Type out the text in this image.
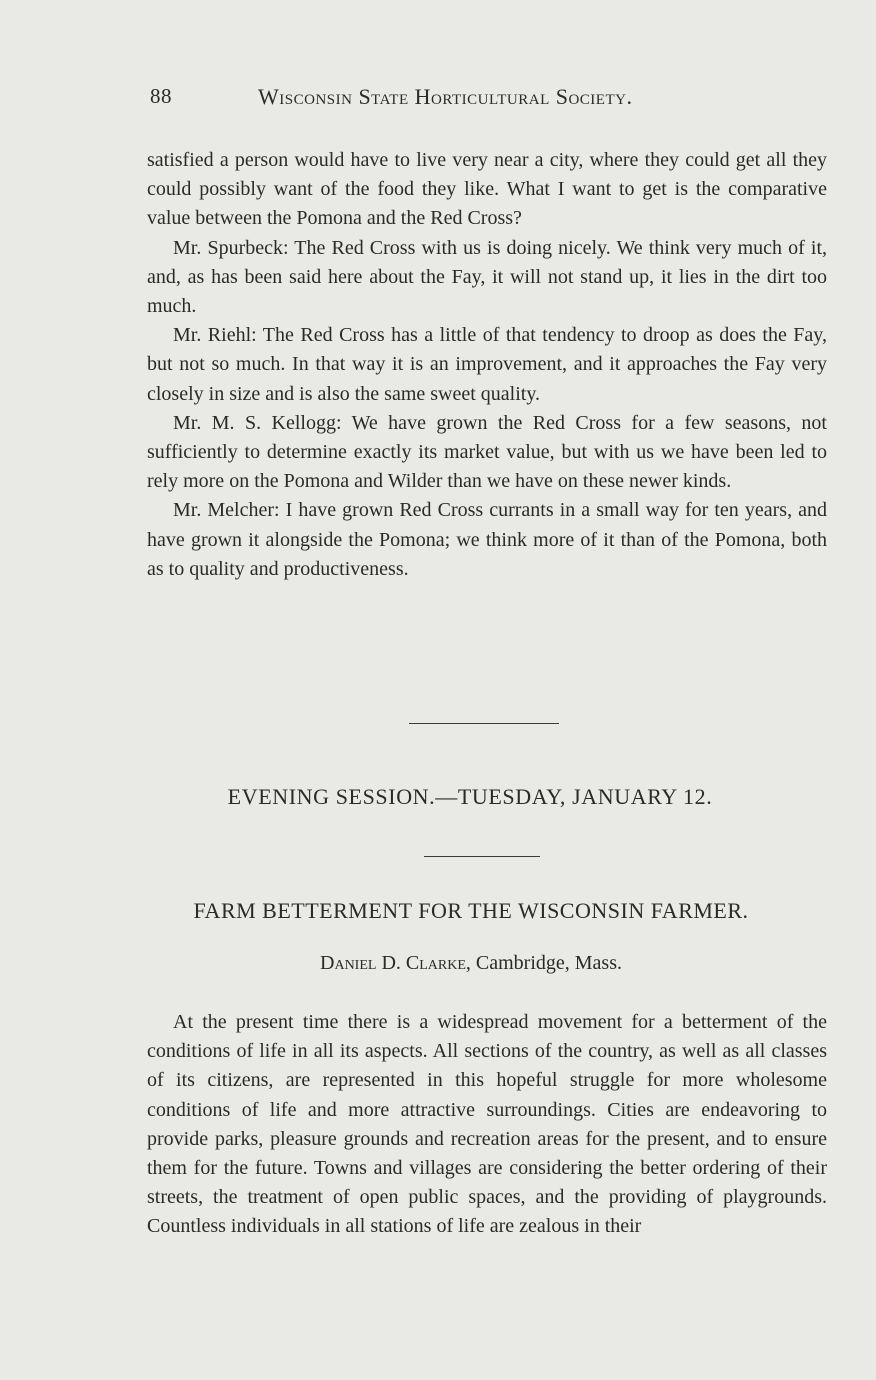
88	Wisconsin State Horticultural Society.

satisfied a person would have to live very near a city, where they could get all they could possibly want of the food they like. What I want to get is the comparative value between the Pomona and the Red Cross?

Mr. Spurbeck: The Red Cross with us is doing nicely. We think very much of it, and, as has been said here about the Fay, it will not stand up, it lies in the dirt too much.

Mr. Riehl: The Red Cross has a little of that tendency to droop as does the Fay, but not so much. In that way it is an improvement, and it approaches the Fay very closely in size and is also the same sweet quality.

Mr. M. S. Kellogg: We have grown the Red Cross for a few seasons, not sufficiently to determine exactly its market value, but with us we have been led to rely more on the Pomona and Wilder than we have on these newer kinds.

Mr. Melcher: I have grown Red Cross currants in a small way for ten years, and have grown it alongside the Pomona; we think more of it than of the Pomona, both as to quality and productiveness.

EVENING SESSION.—TUESDAY, JANUARY 12.
FARM BETTERMENT FOR THE WISCONSIN FARMER.
Daniel D. Clarke, Cambridge, Mass.

At the present time there is a widespread movement for a betterment of the conditions of life in all its aspects. All sections of the country, as well as all classes of its citizens, are represented in this hopeful struggle for more wholesome conditions of life and more attractive surroundings. Cities are endeavoring to provide parks, pleasure grounds and recreation areas for the present, and to ensure them for the future. Towns and villages are considering the better ordering of their streets, the treatment of open public spaces, and the providing of playgrounds. Countless individuals in all stations of life are zealous in their
